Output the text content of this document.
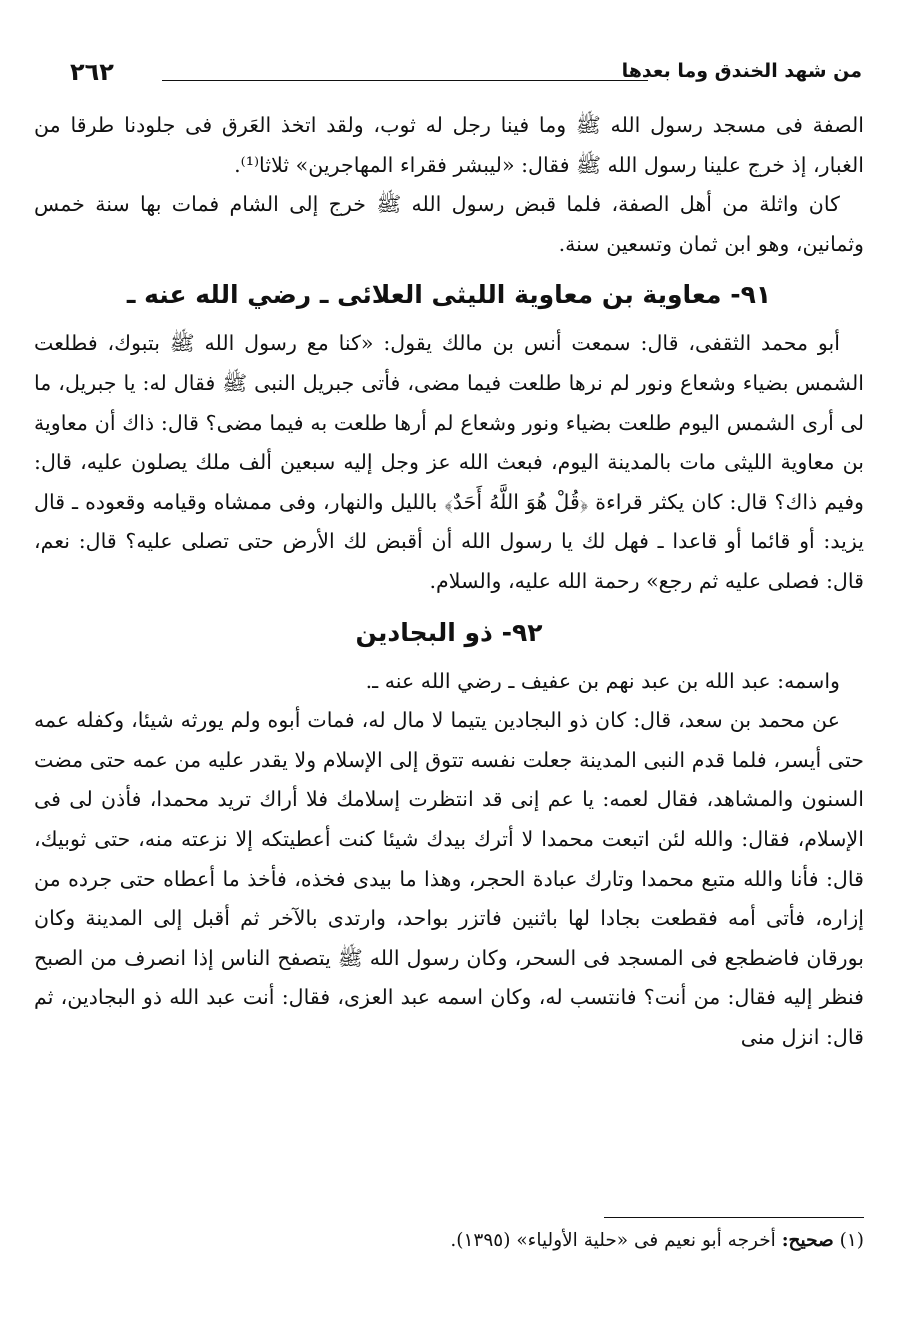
من شهد الخندق وما بعدها
٢٦٢

الصفة فى مسجد رسول الله ﷺ وما فينا رجل له ثوب، ولقد اتخذ العَرق فى جلودنا طرقا من الغبار، إذ خرج علينا رسول الله ﷺ فقال: «ليبشر فقراء المهاجرين» ثلاثا⁽¹⁾.

كان واثلة من أهل الصفة، فلما قبض رسول الله ﷺ خرج إلى الشام فمات بها سنة خمس وثمانين، وهو ابن ثمان وتسعين سنة.

٩١- معاوية بن معاوية الليثى العلائى ـ رضي الله عنه ـ

أبو محمد الثقفى، قال: سمعت أنس بن مالك يقول: «كنا مع رسول الله ﷺ بتبوك، فطلعت الشمس بضياء وشعاع ونور لم نرها طلعت فيما مضى، فأتى جبريل النبى ﷺ فقال له: يا جبريل، ما لى أرى الشمس اليوم طلعت بضياء ونور وشعاع لم أرها طلعت به فيما مضى؟ قال: ذاك أن معاوية بن معاوية الليثى مات بالمدينة اليوم، فبعث الله عز وجل إليه سبعين ألف ملك يصلون عليه، قال: وفيم ذاك؟ قال: كان يكثر قراءة ﴿قُلْ هُوَ اللَّهُ أَحَدٌ﴾ بالليل والنهار، وفى ممشاه وقيامه وقعوده ـ قال يزيد: أو قائما أو قاعدا ـ فهل لك يا رسول الله أن أقبض لك الأرض حتى تصلى عليه؟ قال: نعم، قال: فصلى عليه ثم رجع» رحمة الله عليه، والسلام.

٩٢- ذو البجادين

واسمه: عبد الله بن عبد نهم بن عفيف ـ رضي الله عنه ـ.

عن محمد بن سعد، قال: كان ذو البجادين يتيما لا مال له، فمات أبوه ولم يورثه شيئا، وكفله عمه حتى أيسر، فلما قدم النبى المدينة جعلت نفسه تتوق إلى الإسلام ولا يقدر عليه من عمه حتى مضت السنون والمشاهد، فقال لعمه: يا عم إنى قد انتظرت إسلامك فلا أراك تريد محمدا، فأذن لى فى الإسلام، فقال: والله لئن اتبعت محمدا لا أترك بيدك شيئا كنت أعطيتكه إلا نزعته منه، حتى ثوبيك، قال: فأنا والله متبع محمدا وتارك عبادة الحجر، وهذا ما بيدى فخذه، فأخذ ما أعطاه حتى جرده من إزاره، فأتى أمه فقطعت بجادا لها باثنين فاتزر بواحد، وارتدى بالآخر ثم أقبل إلى المدينة وكان بورقان فاضطجع فى المسجد فى السحر، وكان رسول الله ﷺ يتصفح الناس إذا انصرف من الصبح فنظر إليه فقال: من أنت؟ فانتسب له، وكان اسمه عبد العزى، فقال: أنت عبد الله ذو البجادين، ثم قال: انزل منى

(١) صحيح: أخرجه أبو نعيم فى «حلية الأولياء» (١٣٩٥).
